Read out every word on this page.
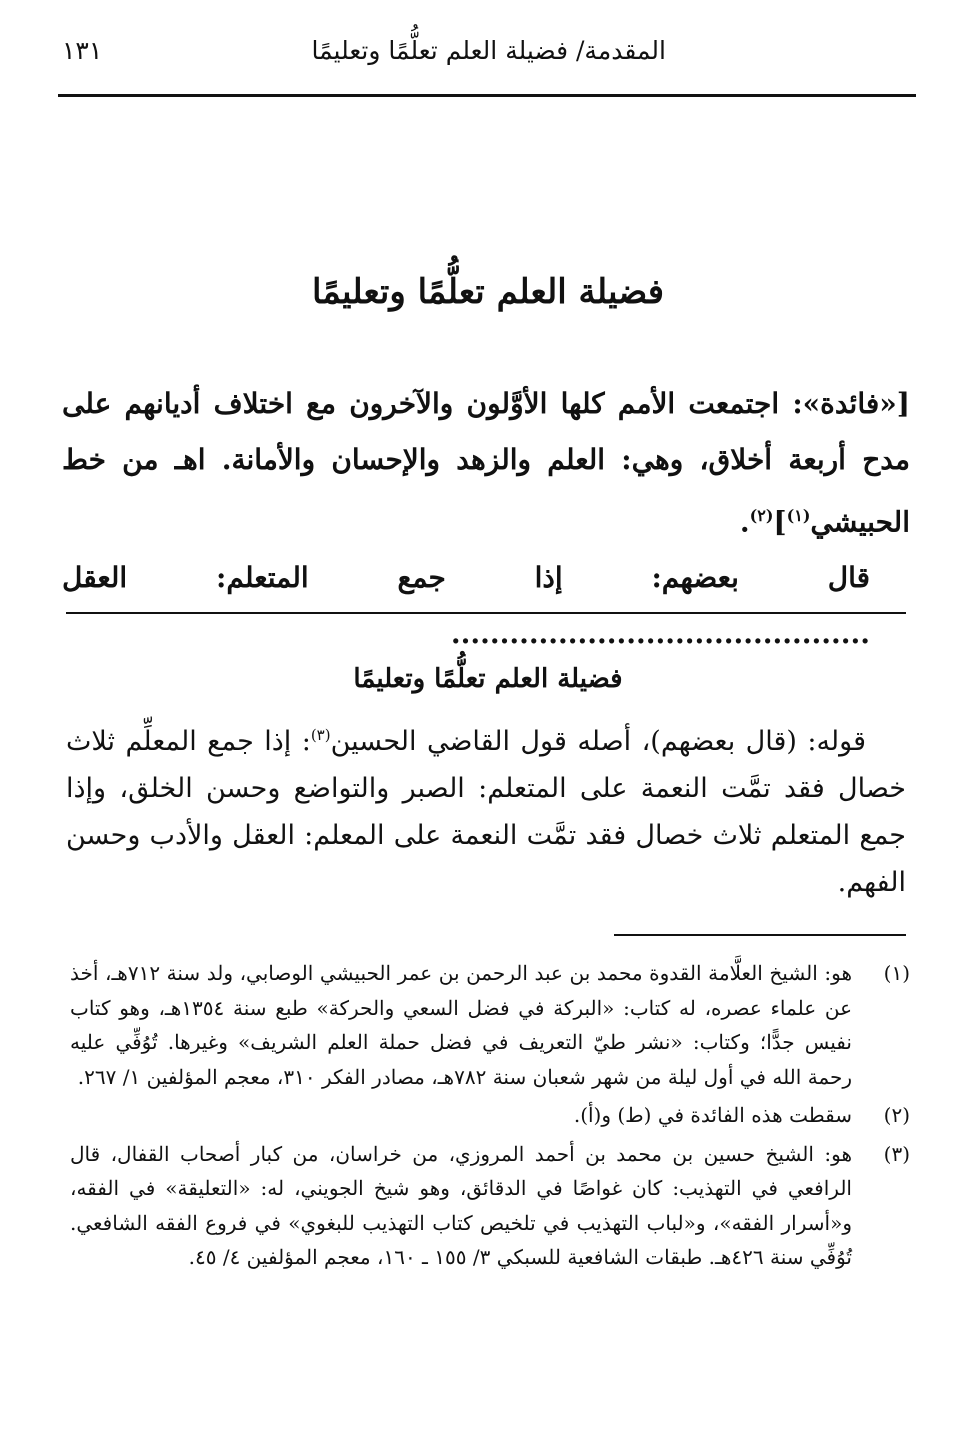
المقدمة/ فضيلة العلم تعلُّمًا وتعليمًا
١٣١
فضيلة العلم تعلُّمًا وتعليمًا

[«فائدة»: اجتمعت الأمم كلها الأوَّلون والآخرون مع اختلاف أديانهم على مدح أربعة أخلاق، وهي: العلم والزهد والإحسان والأمانة. اهـ من خط الحبيشي$^{(١)}$]$^{(٢)}$.

قال بعضهم: إذا جمع المتعلم: العقل ...........................................

فضيلة العلم تعلُّمًا وتعليمًا

قوله: (قال بعضهم)، أصله قول القاضي الحسين$^{(٣)}$: إذا جمع المعلِّم ثلاث خصال فقد تمَّت النعمة على المتعلم: الصبر والتواضع وحسن الخلق، وإذا جمع المتعلم ثلاث خصال فقد تمَّت النعمة على المعلم: العقل والأدب وحسن الفهم.

(١)
هو: الشيخ العلَّامة القدوة محمد بن عبد الرحمن بن عمر الحبيشي الوصابي، ولد سنة ٧١٢هـ، أخذ عن علماء عصره، له كتاب: «البركة في فضل السعي والحركة» طبع سنة ١٣٥٤هـ، وهو كتاب نفيس جدًّا؛ وكتاب: «نشر طيّ التعريف في فضل حملة العلم الشريف» وغيرها. تُوُفِّي عليه رحمة الله في أول ليلة من شهر شعبان سنة ٧٨٢هـ، مصادر الفكر ٣١٠، معجم المؤلفين ١/ ٢٦٧.

(٢)
سقطت هذه الفائدة في (ط) و(أ).

(٣)
هو: الشيخ حسين بن محمد بن أحمد المروزي، من خراسان، من كبار أصحاب القفال، قال الرافعي في التهذيب: كان غواصًا في الدقائق، وهو شيخ الجويني، له: «التعليقة» في الفقه، و«أسرار الفقه»، و«لباب التهذيب في تلخيص كتاب التهذيب للبغوي» في فروع الفقه الشافعي. تُوُفِّي سنة ٤٢٦هـ. طبقات الشافعية للسبكي ٣/ ١٥٥ ـ ١٦٠، معجم المؤلفين ٤/ ٤٥.
